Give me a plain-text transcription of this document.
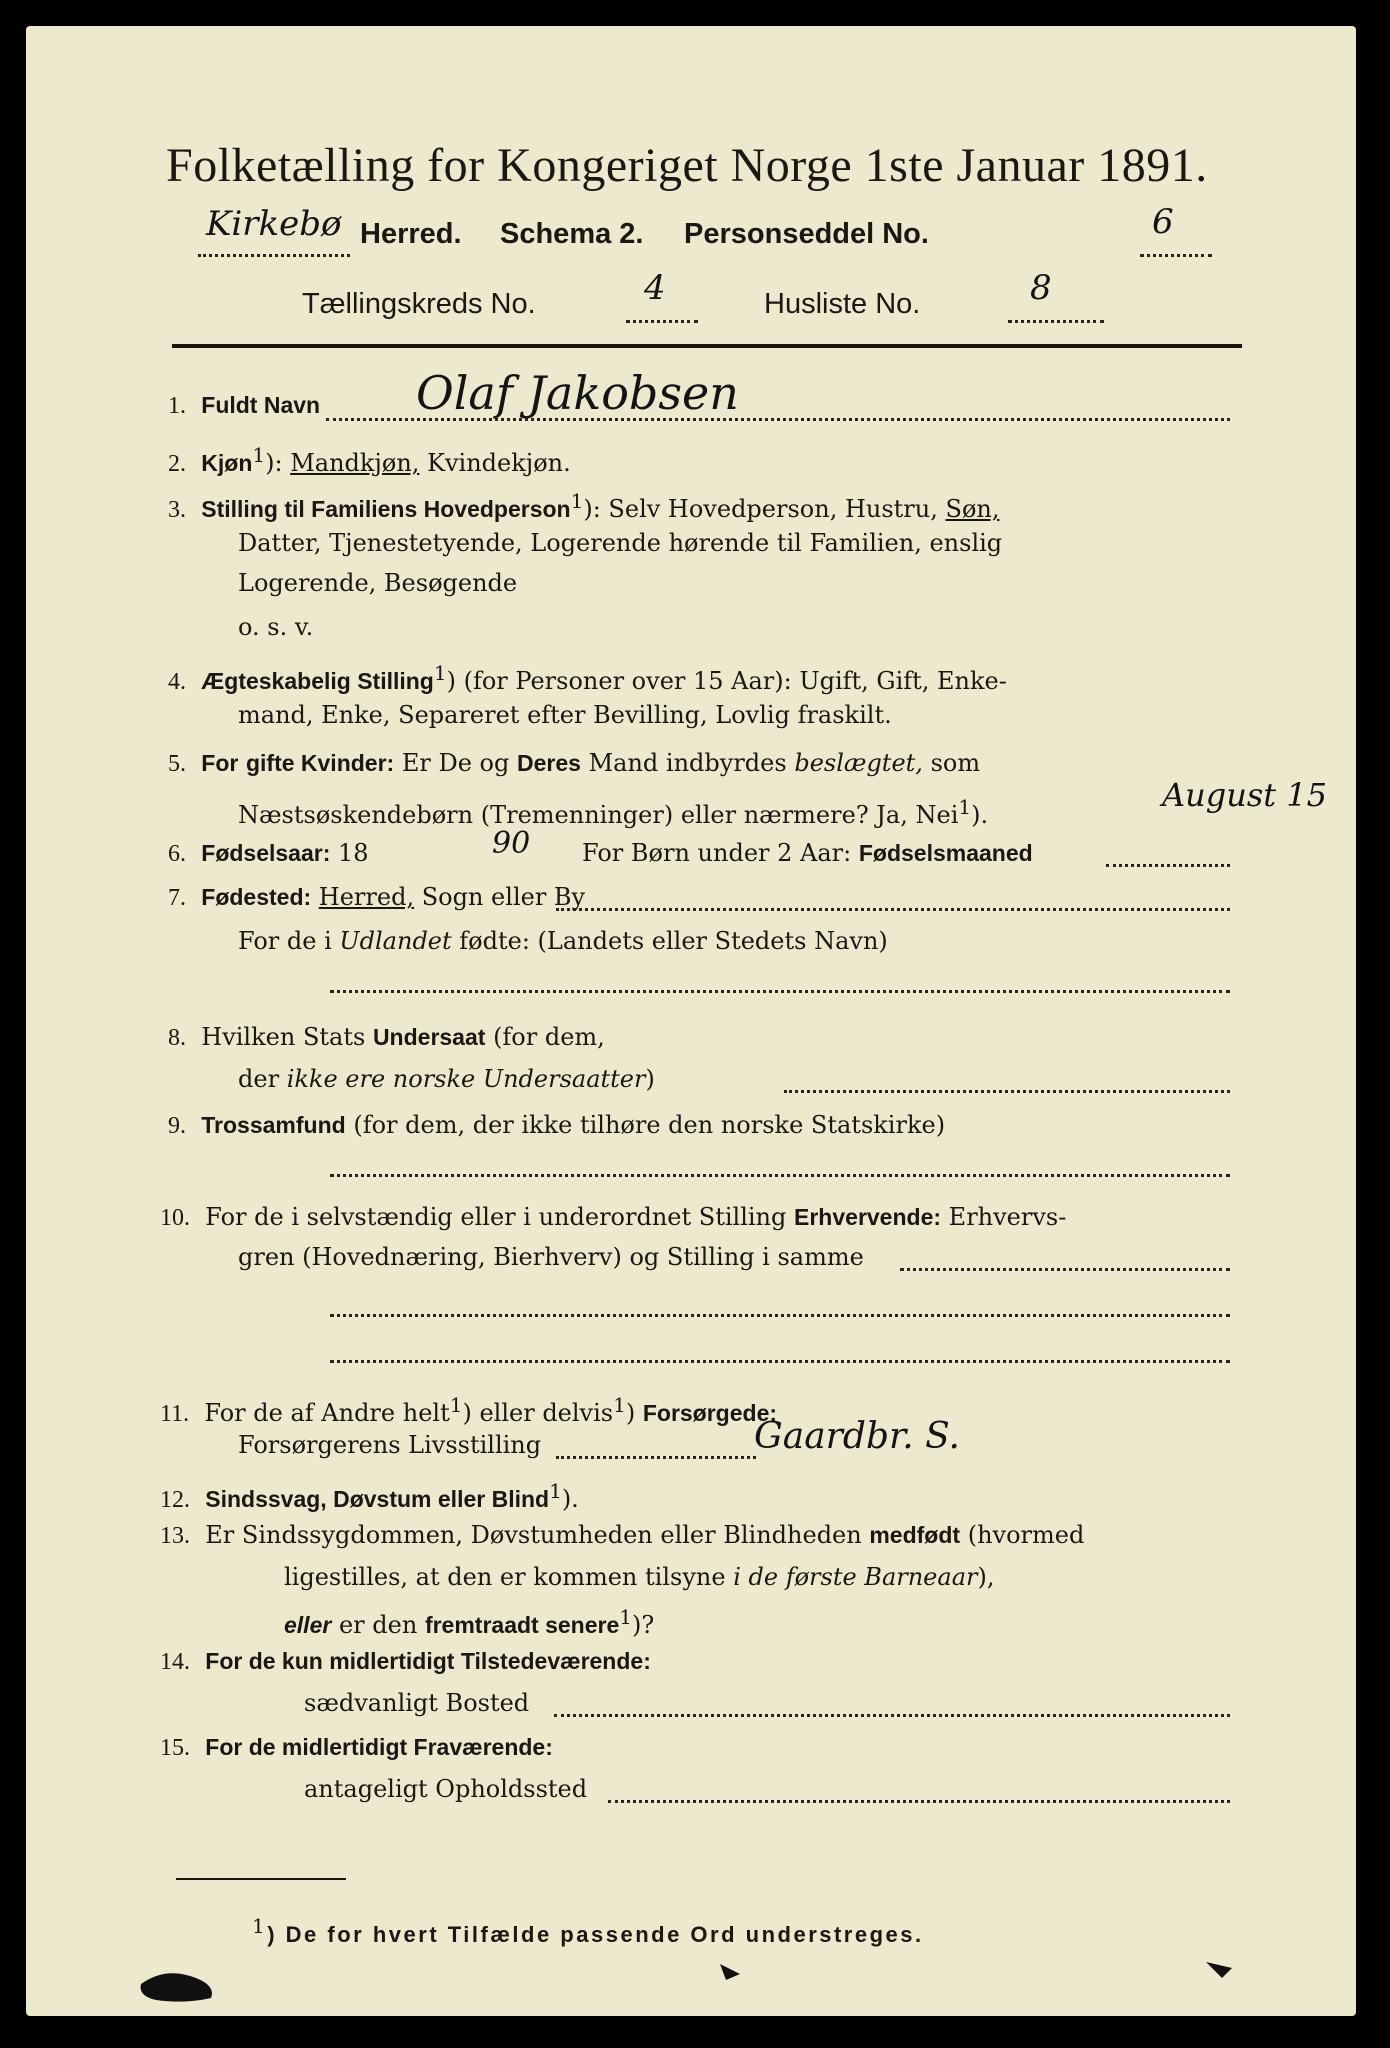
Folketælling for Kongeriget Norge 1ste Januar 1891.
Kirkebø Herred. Schema 2. Personseddel No.	6
Tællingskreds No.	4	Husliste No.	8
1. Fuldt Navn Olaf Jakobsen
2. Kjøn$^1$): Mandkjøn, Kvindekjøn.
3. Stilling til Familiens Hovedperson$^1$): Selv Hovedperson, Hustru, Søn,
Datter, Tjenestetyende, Logerende hørende til Familien, enslig
Logerende, Besøgende
o. s. v.
4. Ægteskabelig Stilling$^1$) (for Personer over 15 Aar): Ugift, Gift, Enke-
mand, Enke, Separeret efter Bevilling, Lovlig fraskilt.
5. For gifte Kvinder: Er De og Deres Mand indbyrdes beslægtet, som
Næstsøskendebørn (Tremenninger) eller nærmere? Ja, Nei$^1$).
August 15
6. Fødselsaar: 18	90 For Børn under 2 Aar: Fødselsmaaned
7. Fødested: Herred, Sogn eller By
For de i Udlandet fødte: (Landets eller Stedets Navn)
8. Hvilken Stats Undersaat (for dem,
der ikke ere norske Undersaatter)
9. Trossamfund (for dem, der ikke tilhøre den norske Statskirke)
10. For de i selvstændig eller i underordnet Stilling Erhvervende: Erhvervs-
gren (Hovednæring, Bierhverv) og Stilling i samme
11. For de af Andre helt$^1$) eller delvis$^1$) Forsørgede:
Forsørgerens Livsstilling	Gaardbr. S.
12. Sindssvag, Døvstum eller Blind$^1$).
13. Er Sindssygdommen, Døvstumheden eller Blindheden medfødt (hvormed
ligestilles, at den er kommen tilsyne i de første Barneaar),
eller er den fremtraadt senere$^1$)?
14. For de kun midlertidigt Tilstedeværende:
sædvanligt Bosted
15. For de midlertidigt Fraværende:
antageligt Opholdssted
$^1$) De for hvert Tilfælde passende Ord understreges.
